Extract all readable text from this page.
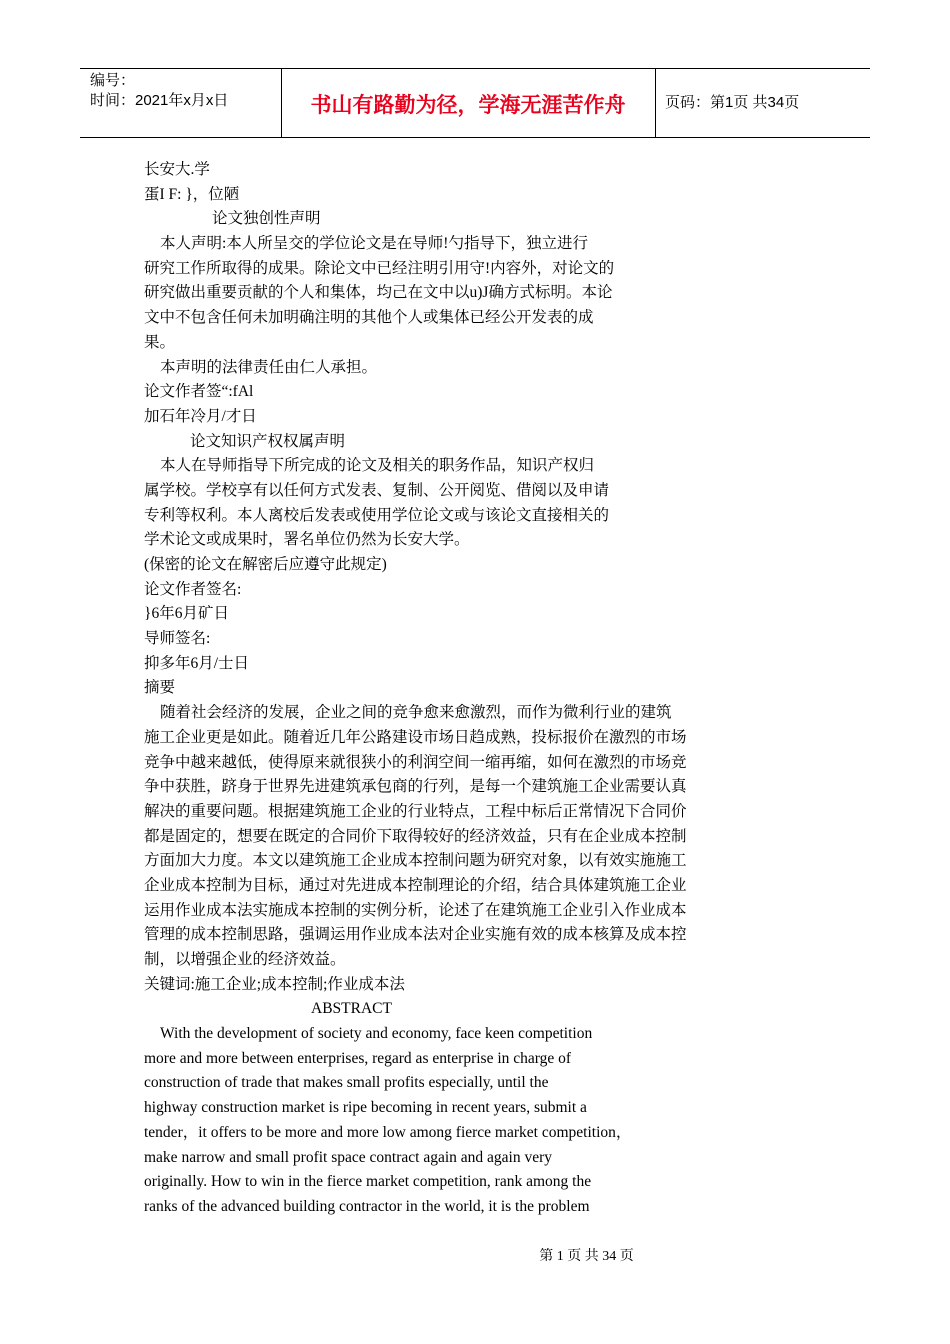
编号：
时间：2021年x月x日	书山有路勤为径，学海无涯苦作舟	页码：第1页 共34页
长安大.学
蛋I F: }，位陋
论文独创性声明
本人声明:本人所呈交的学位论文是在导师!勺指导下，独立进行
研究工作所取得的成果。除论文中已经注明引用守!内容外，对论文的
研究做出重要贡献的个人和集体，均己在文中以u)J确方式标明。本论
文中不包含任何未加明确注明的其他个人或集体已经公开发表的成
果。
本声明的法律责任由仁人承担。
论文作者签“:fAl
加石年冷月/才日
论文知识产权权属声明
本人在导师指导下所完成的论文及相关的职务作品，知识产权归
属学校。学校享有以任何方式发表、复制、公开阅览、借阅以及申请
专利等权利。本人离校后发表或使用学位论文或与该论文直接相关的
学术论文或成果时，署名单位仍然为长安大学。
(保密的论文在解密后应遵守此规定)
论文作者签名:
}6年6月矿日
导师签名:
抑多年6月/士日
摘要
随着社会经济的发展，企业之间的竞争愈来愈激烈，而作为微利行业的建筑
施工企业更是如此。随着近几年公路建设市场日趋成熟，投标报价在激烈的市场
竞争中越来越低，使得原来就很狭小的利润空间一缩再缩，如何在激烈的市场竞
争中获胜，跻身于世界先进建筑承包商的行列，是每一个建筑施工企业需要认真
解决的重要问题。根据建筑施工企业的行业特点，工程中标后正常情况下合同价
都是固定的，想要在既定的合同价下取得较好的经济效益，只有在企业成本控制
方面加大力度。本文以建筑施工企业成本控制问题为研究对象，以有效实施施工
企业成本控制为目标，通过对先进成本控制理论的介绍，结合具体建筑施工企业
运用作业成本法实施成本控制的实例分析，论述了在建筑施工企业引入作业成本
管理的成本控制思路，强调运用作业成本法对企业实施有效的成本核算及成本控
制，以增强企业的经济效益。
关键词:施工企业;成本控制;作业成本法
ABSTRACT
With the development of society and economy, face keen competition
more and more between enterprises, regard as enterprise in charge of
construction of trade that makes small profits especially, until the
highway construction market is ripe becoming in recent years, submit a
tender，it offers to be more and more low among fierce market competition，
make narrow and small profit space contract again and again very
originally. How to win in the fierce market competition, rank among the
ranks of the advanced building contractor in the world, it is the problem
第 1 页 共 34 页
